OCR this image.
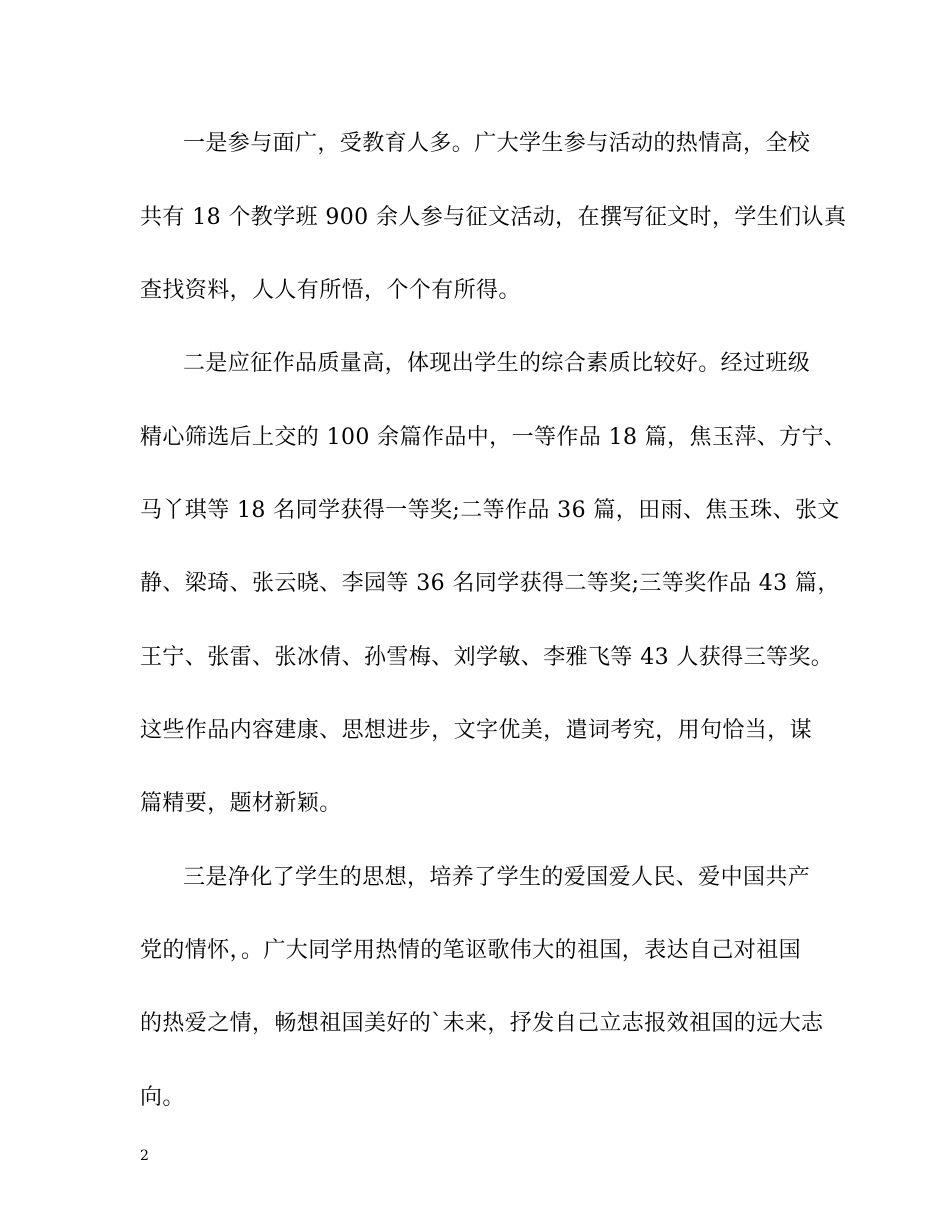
一是参与面广，受教育人多。广大学生参与活动的热情高，全校
共有 18 个教学班 900 余人参与征文活动，在撰写征文时，学生们认真
查找资料，人人有所悟，个个有所得。
二是应征作品质量高，体现出学生的综合素质比较好。经过班级
精心筛选后上交的 100 余篇作品中，一等作品 18 篇，焦玉萍、方宁、
马丫琪等 18 名同学获得一等奖;二等作品 36 篇，田雨、焦玉珠、张文
静、梁琦、张云晓、李园等 36 名同学获得二等奖;三等奖作品 43 篇，
王宁、张雷、张冰倩、孙雪梅、刘学敏、李雅飞等 43 人获得三等奖。
这些作品内容建康、思想进步，文字优美，遣词考究，用句恰当，谋
篇精要，题材新颖。
三是净化了学生的思想，培养了学生的爱国爱人民、爱中国共产
党的情怀，。广大同学用热情的笔讴歌伟大的祖国，表达自己对祖国
的热爱之情，畅想祖国美好的`未来，抒发自己立志报效祖国的远大志
向。
2
